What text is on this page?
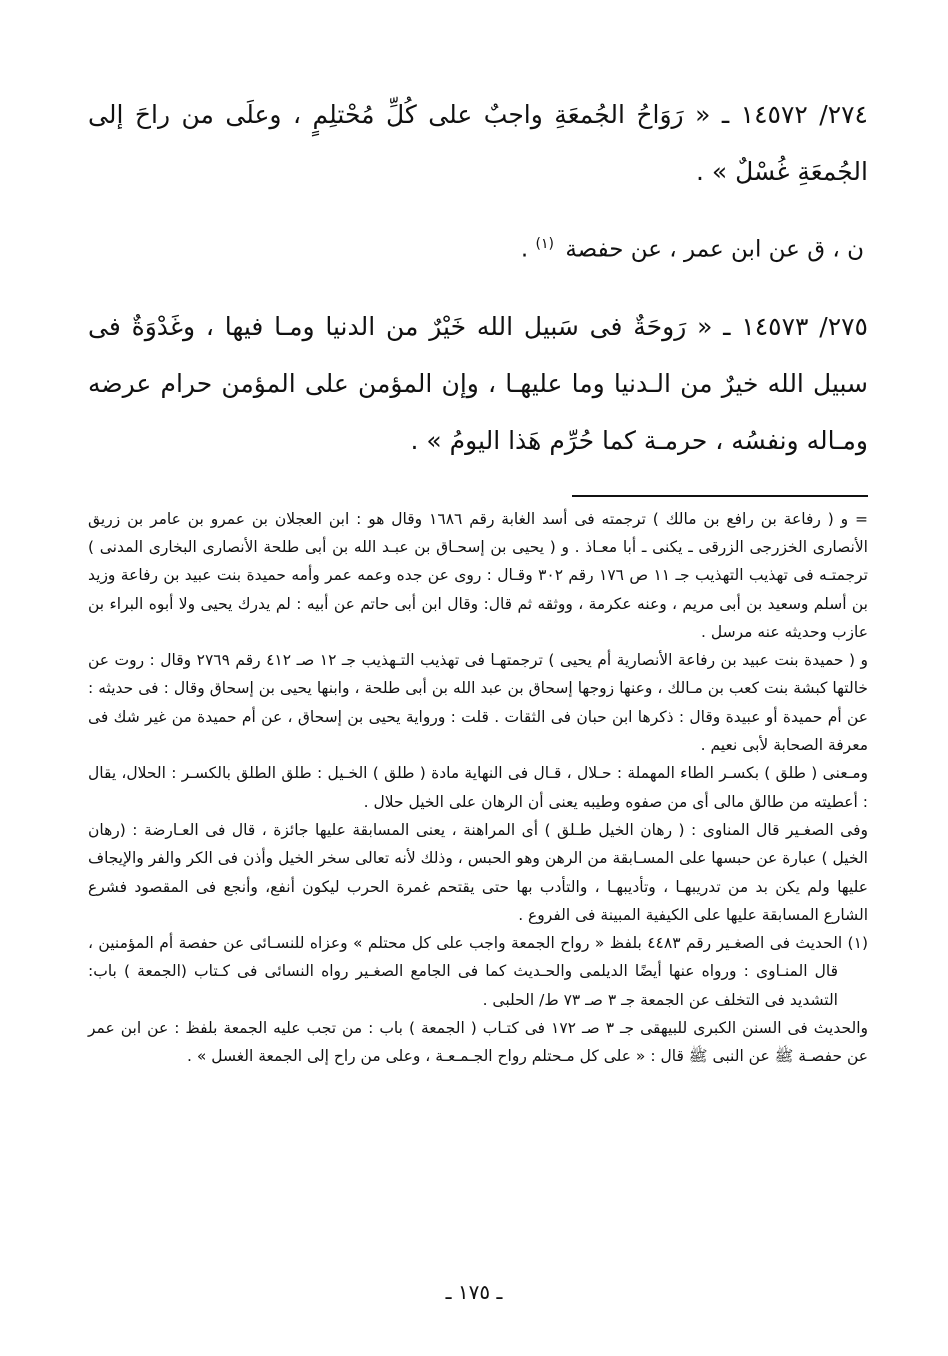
٢٧٤/ ١٤٥٧٢ ـ « رَوَاحُ الجُمعَةِ واجبٌ على كُلِّ مُحْتلِمٍ ، وعلَى من راحَ إلى الجُمعَةِ غُسْلٌ » .

ن ، ق عن ابن عمر ، عن حفصة $^{(١)}$ .

٢٧٥/ ١٤٥٧٣ ـ « رَوحَةٌ فى سَبيل الله خَيْرٌ من الدنيا ومـا فيها ، وغَدْوَةٌ فى سبيل الله خيرٌ من الـدنيا وما عليهـا ، وإن المؤمن على المؤمن حرام عرضه ومـاله ونفسُه ، حرمـة كما حُرِّم هَذا اليومُ » .

= و ( رفاعة بن رافع بن مالك ) ترجمته فى أسد الغابة رقم ١٦٨٦ وقال هو : ابن العجلان بن عمرو بن عامر بن زريق الأنصارى الخزرجى الزرقى ـ يكنى ـ أبا معـاذ . و ( يحيى بن إسحـاق بن عبـد الله بن أبى طلحة الأنصارى البخارى المدنى ) ترجمتـه فى تهذيب التهذيب جـ ١١ ص ١٧٦ رقم ٣٠٢ وقـال : روى عن جده وعمه عمر وأمه حميدة بنت عبيد بن رفاعة وزيد بن أسلم وسعيد بن أبى مريم ، وعنه عكرمة ، ووثقه ثم قال: وقال ابن أبى حاتم عن أبيه : لم يدرك يحيى ولا أبوه البراء بن عازب وحديثه عنه مرسل .

و ( حميدة بنت عبيد بن رفاعة الأنصارية أم يحيى ) ترجمتهـا فى تهذيب التـهذيب جـ ١٢ صـ ٤١٢ رقم ٢٧٦٩ وقال : روت عن خالتها كبشة بنت كعب بن مـالك ، وعنها زوجها إسحاق بن عبد الله بن أبى طلحة ، وابنها يحيى بن إسحاق وقال : فى حديثه : عن أم حميدة أو عبيدة وقال : ذكرها ابن حبان فى الثقات . قلت : ورواية يحيى بن إسحاق ، عن أم حميدة من غير شك فى معرفة الصحابة لأبى نعيم .

ومـعنى ( طلق ) بكسـر الطاء المهملة : حـلال ، قـال فى النهاية مادة ( طلق ) الخـيل : طلق الطلق بالكسـر : الحلال، يقال : أعطيته من طالق مالى أى من صفوه وطيبه يعنى أن الرهان على الخيل حلال .

وفى الصغـير قال المناوى : ( رهان الخيل طـلق ) أى المراهنة ، يعنى المسابقة عليها جائزة ، قال فى العـارضة : (رهان الخيل ) عبارة عن حبسها على المسـابقة من الرهن وهو الحبس ، وذلك لأنه تعالى سخر الخيل وأذن فى الكر والفر والإيجاف عليها ولم يكن بد من تدريبهـا ، وتأديبهـا ، والتأدب بها حتى يقتحم غمرة الحرب ليكون أنفع، وأنجع فى المقصود فشرع الشارع المسابقة عليها على الكيفية المبينة فى الفروع .

(١) الحديث فى الصغـير رقم ٤٤٨٣ بلفظ « رواح الجمعة واجب على كل محتلم » وعزاه للنسـائى عن حفصة أم المؤمنين ، قال المنـاوى : ورواه عنها أيضًا الديلمى والحـديث كما فى الجامع الصغـير رواه النسائى فى كـتاب (الجمعة ) باب: التشديد فى التخلف عن الجمعة جـ ٣ صـ ٧٣ ط/ الحلبى .

والحديث فى السنن الكبرى للبيهقى جـ ٣ صـ ١٧٢ فى كتـاب ( الجمعة ) باب : من تجب عليه الجمعة بلفظ : عن ابن عمر عن حفصـة ﷺ عن النبى ﷺ قال : « على كل مـحتلم رواح الجـمـعـة ، وعلى من راح إلى الجمعة الغسل » .

ـ ١٧٥ ـ
